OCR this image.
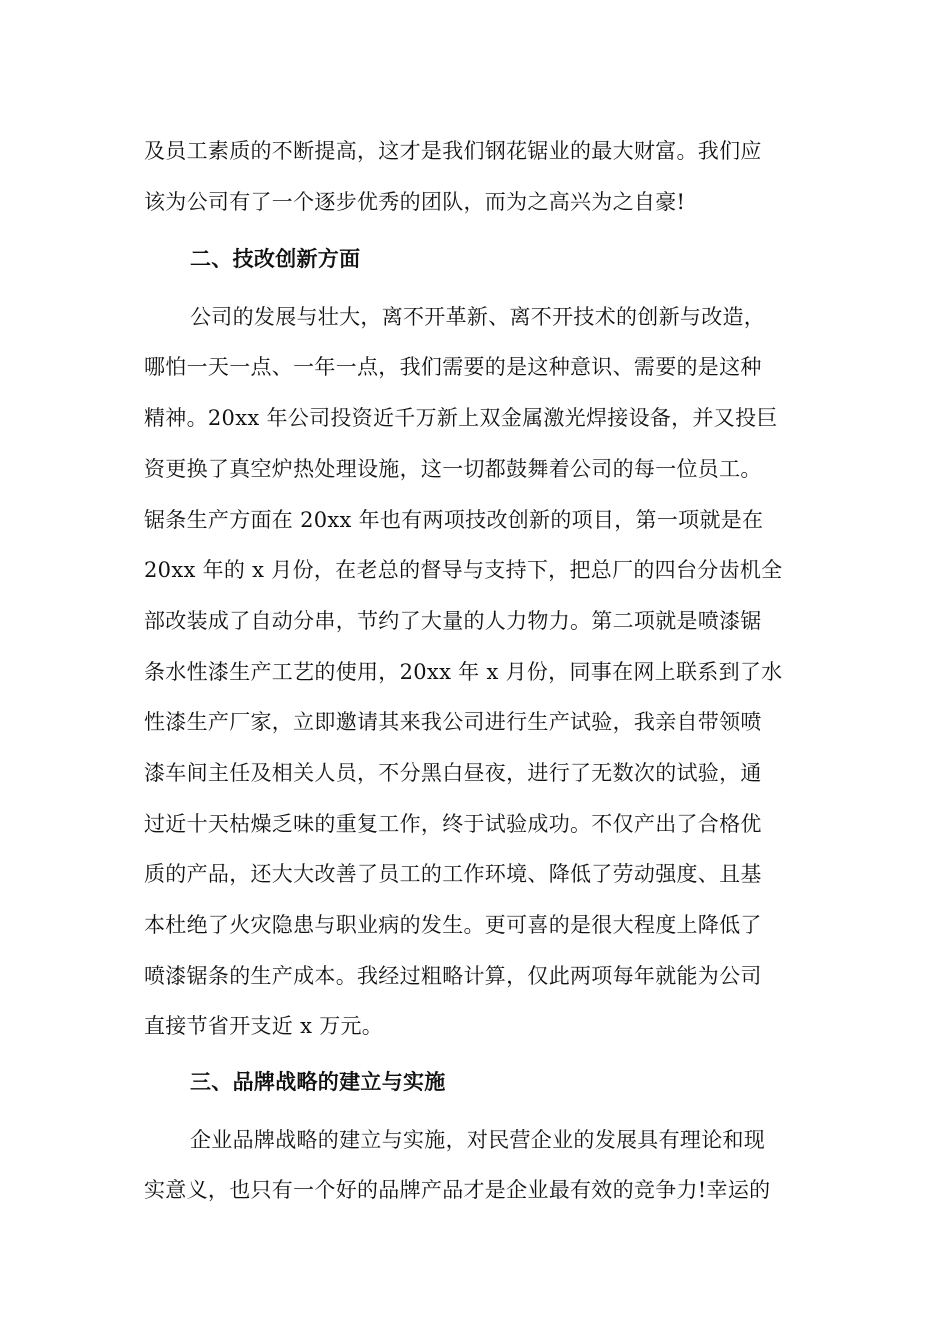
及员工素质的不断提高，这才是我们钢花锯业的最大财富。我们应
该为公司有了一个逐步优秀的团队，而为之高兴为之自豪!
二、技改创新方面
公司的发展与壮大，离不开革新、离不开技术的创新与改造，
哪怕一天一点、一年一点，我们需要的是这种意识、需要的是这种
精神。20xx 年公司投资近千万新上双金属激光焊接设备，并又投巨
资更换了真空炉热处理设施，这一切都鼓舞着公司的每一位员工。
锯条生产方面在 20xx 年也有两项技改创新的项目，第一项就是在
20xx 年的 x 月份，在老总的督导与支持下，把总厂的四台分齿机全
部改装成了自动分串，节约了大量的人力物力。第二项就是喷漆锯
条水性漆生产工艺的使用，20xx 年 x 月份，同事在网上联系到了水
性漆生产厂家，立即邀请其来我公司进行生产试验，我亲自带领喷
漆车间主任及相关人员，不分黑白昼夜，进行了无数次的试验，通
过近十天枯燥乏味的重复工作，终于试验成功。不仅产出了合格优
质的产品，还大大改善了员工的工作环境、降低了劳动强度、且基
本杜绝了火灾隐患与职业病的发生。更可喜的是很大程度上降低了
喷漆锯条的生产成本。我经过粗略计算，仅此两项每年就能为公司
直接节省开支近 x 万元。
三、品牌战略的建立与实施
企业品牌战略的建立与实施，对民营企业的发展具有理论和现
实意义，也只有一个好的品牌产品才是企业最有效的竞争力!幸运的
